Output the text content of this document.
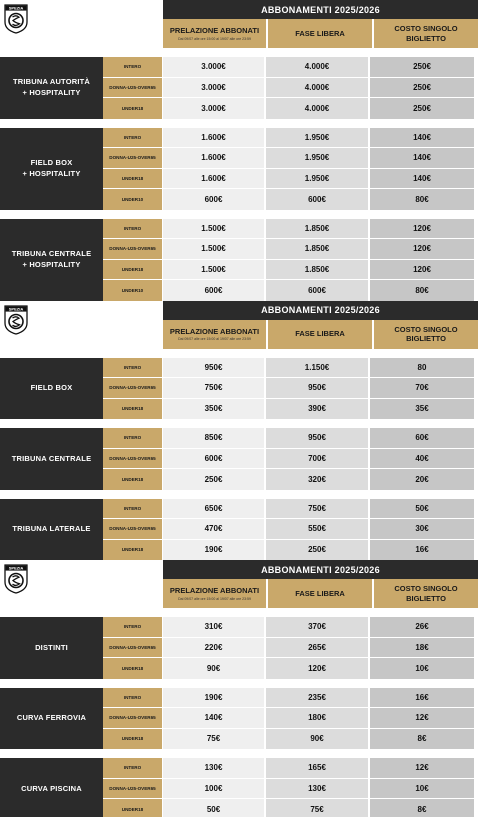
SPEZIA	ABBONAMENTI 2025/2026
PRELAZIONE ABBONATI
Dal 09/07 alle ore 15:00 al 19/07 alle ore 23:59
FASE LIBERA
COSTO SINGOLO BIGLIETTO
TRIBUNA AUTORITÀ
+ HOSPITALITY
INTERO	3.000€	4.000€	250€
DONNA-U25-OVER65	3.000€	4.000€	250€
UNDER18	3.000€	4.000€	250€
FIELD BOX
+ HOSPITALITY
INTERO	1.600€	1.950€	140€
DONNA-U25-OVER65	1.600€	1.950€	140€
UNDER18	1.600€	1.950€	140€
UNDER10	600€	600€	80€
TRIBUNA CENTRALE
+ HOSPITALITY
INTERO	1.500€	1.850€	120€
DONNA-U25-OVER65	1.500€	1.850€	120€
UNDER18	1.500€	1.850€	120€
UNDER10	600€	600€	80€
SPEZIA	ABBONAMENTI 2025/2026
PRELAZIONE ABBONATI
Dal 09/07 alle ore 15:00 al 19/07 alle ore 23:59
FASE LIBERA
COSTO SINGOLO BIGLIETTO
FIELD BOX
INTERO	950€	1.150€	80
DONNA-U25-OVER65	750€	950€	70€
UNDER18	350€	390€	35€
TRIBUNA CENTRALE
INTERO	850€	950€	60€
DONNA-U25-OVER65	600€	700€	40€
UNDER18	250€	320€	20€
TRIBUNA LATERALE
INTERO	650€	750€	50€
DONNA-U25-OVER65	470€	550€	30€
UNDER18	190€	250€	16€
SPEZIA	ABBONAMENTI 2025/2026
PRELAZIONE ABBONATI
Dal 09/07 alle ore 15:00 al 19/07 alle ore 23:59
FASE LIBERA
COSTO SINGOLO BIGLIETTO
DISTINTI
INTERO	310€	370€	26€
DONNA-U25-OVER65	220€	265€	18€
UNDER18	90€	120€	10€
CURVA FERROVIA
INTERO	190€	235€	16€
DONNA-U25-OVER65	140€	180€	12€
UNDER18	75€	90€	8€
CURVA PISCINA
INTERO	130€	165€	12€
DONNA-U25-OVER65	100€	130€	10€
UNDER18	50€	75€	8€
